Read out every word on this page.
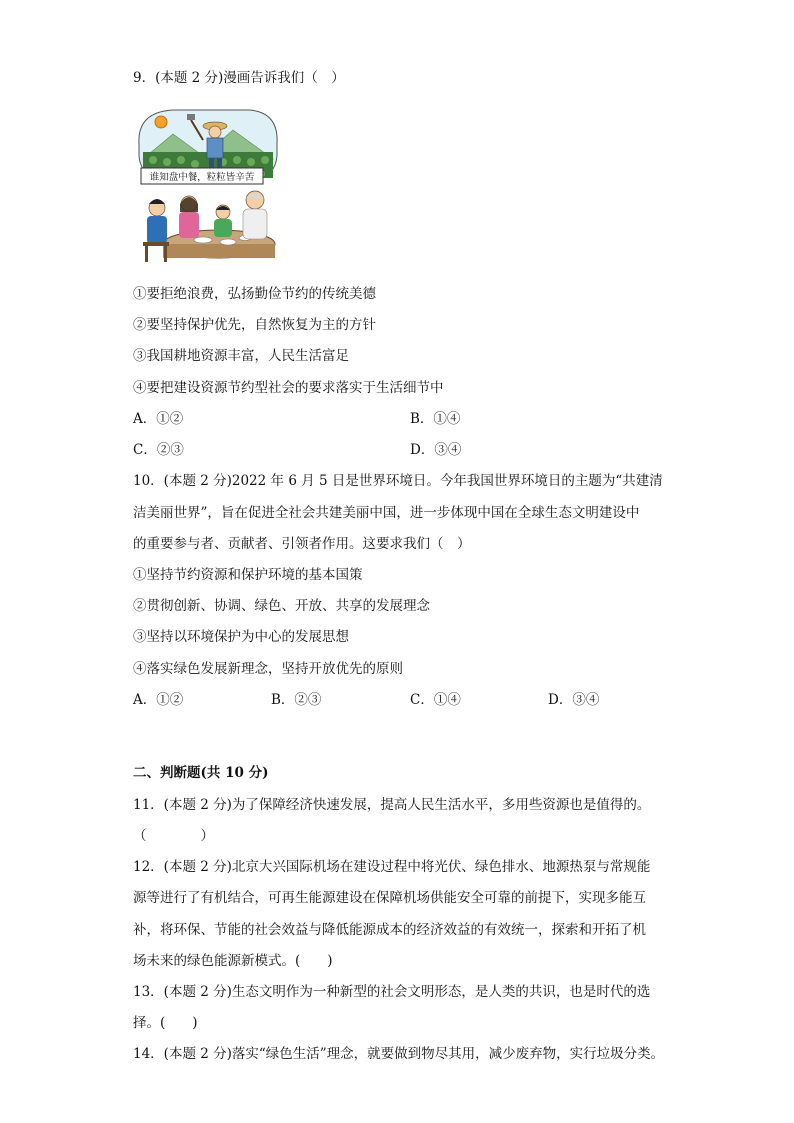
9．(本题 2 分)漫画告诉我们（　）
谁知盘中餐，粒粒皆辛苦
①要拒绝浪费，弘扬勤俭节约的传统美德
②要坚持保护优先，自然恢复为主的方针
③我国耕地资源丰富，人民生活富足
④要把建设资源节约型社会的要求落实于生活细节中
A．①②	B．①④
C．②③	D．③④
10．(本题 2 分)2022 年 6 月 5 日是世界环境日。今年我国世界环境日的主题为“共建清
洁美丽世界”，旨在促进全社会共建美丽中国，进一步体现中国在全球生态文明建设中
的重要参与者、贡献者、引领者作用。这要求我们（　）
①坚持节约资源和保护环境的基本国策
②贯彻创新、协调、绿色、开放、共享的发展理念
③坚持以环境保护为中心的发展思想
④落实绿色发展新理念，坚持开放优先的原则
A．①②	B．②③	C．①④	D．③④
二、判断题(共 10 分)
11．(本题 2 分)为了保障经济快速发展，提高人民生活水平，多用些资源也是值得的。
（　　　　）
12．(本题 2 分)北京大兴国际机场在建设过程中将光伏、绿色排水、地源热泵与常规能
源等进行了有机结合，可再生能源建设在保障机场供能安全可靠的前提下，实现多能互
补，将环保、节能的社会效益与降低能源成本的经济效益的有效统一，探索和开拓了机
场未来的绿色能源新模式。(　　)
13．(本题 2 分)生态文明作为一种新型的社会文明形态，是人类的共识，也是时代的选
择。(　　)
14．(本题 2 分)落实“绿色生活”理念，就要做到物尽其用，减少废弃物，实行垃圾分类。
